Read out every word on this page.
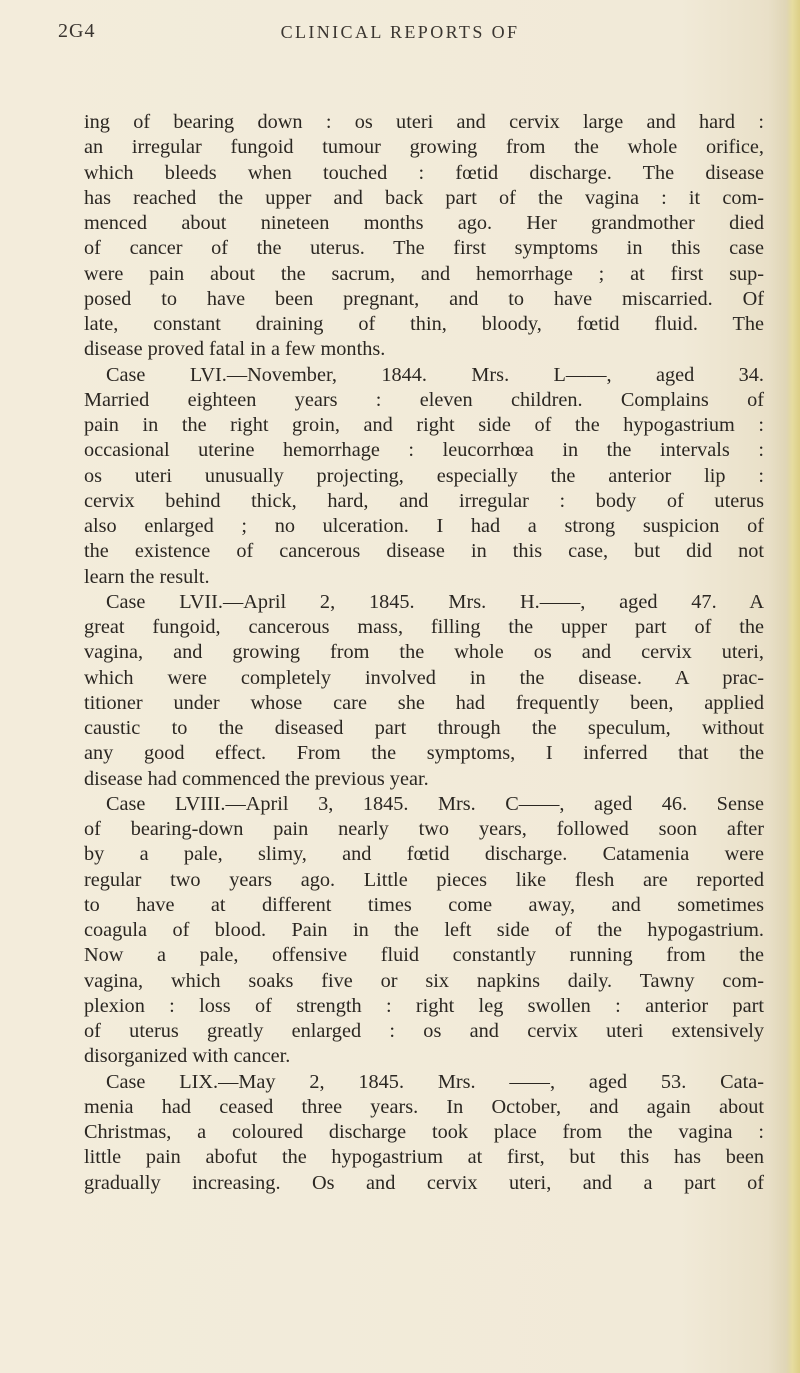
2G4	CLINICAL REPORTS OF
ing of bearing down : os uteri and cervix large and hard :
an irregular fungoid tumour growing from the whole orifice,
which bleeds when touched : fœtid discharge. The disease
has reached the upper and back part of the vagina : it com-
menced about nineteen months ago. Her grandmother died
of cancer of the uterus. The first symptoms in this case
were pain about the sacrum, and hemorrhage ; at first sup-
posed to have been pregnant, and to have miscarried. Of
late, constant draining of thin, bloody, fœtid fluid. The
disease proved fatal in a few months.
Case LVI.—November, 1844. Mrs. L——, aged 34.
Married eighteen years : eleven children. Complains of
pain in the right groin, and right side of the hypogastrium :
occasional uterine hemorrhage : leucorrhœa in the intervals :
os uteri unusually projecting, especially the anterior lip :
cervix behind thick, hard, and irregular : body of uterus
also enlarged ; no ulceration. I had a strong suspicion of
the existence of cancerous disease in this case, but did not
learn the result.
Case LVII.—April 2, 1845. Mrs. H.——, aged 47. A
great fungoid, cancerous mass, filling the upper part of the
vagina, and growing from the whole os and cervix uteri,
which were completely involved in the disease. A prac-
titioner under whose care she had frequently been, applied
caustic to the diseased part through the speculum, without
any good effect. From the symptoms, I inferred that the
disease had commenced the previous year.
Case LVIII.—April 3, 1845. Mrs. C——, aged 46. Sense
of bearing-down pain nearly two years, followed soon after
by a pale, slimy, and fœtid discharge. Catamenia were
regular two years ago. Little pieces like flesh are reported
to have at different times come away, and sometimes
coagula of blood. Pain in the left side of the hypogastrium.
Now a pale, offensive fluid constantly running from the
vagina, which soaks five or six napkins daily. Tawny com-
plexion : loss of strength : right leg swollen : anterior part
of uterus greatly enlarged : os and cervix uteri extensively
disorganized with cancer.
Case LIX.—May 2, 1845. Mrs. ——, aged 53. Cata-
menia had ceased three years. In October, and again about
Christmas, a coloured discharge took place from the vagina :
little pain abofut the hypogastrium at first, but this has been
gradually increasing. Os and cervix uteri, and a part of
